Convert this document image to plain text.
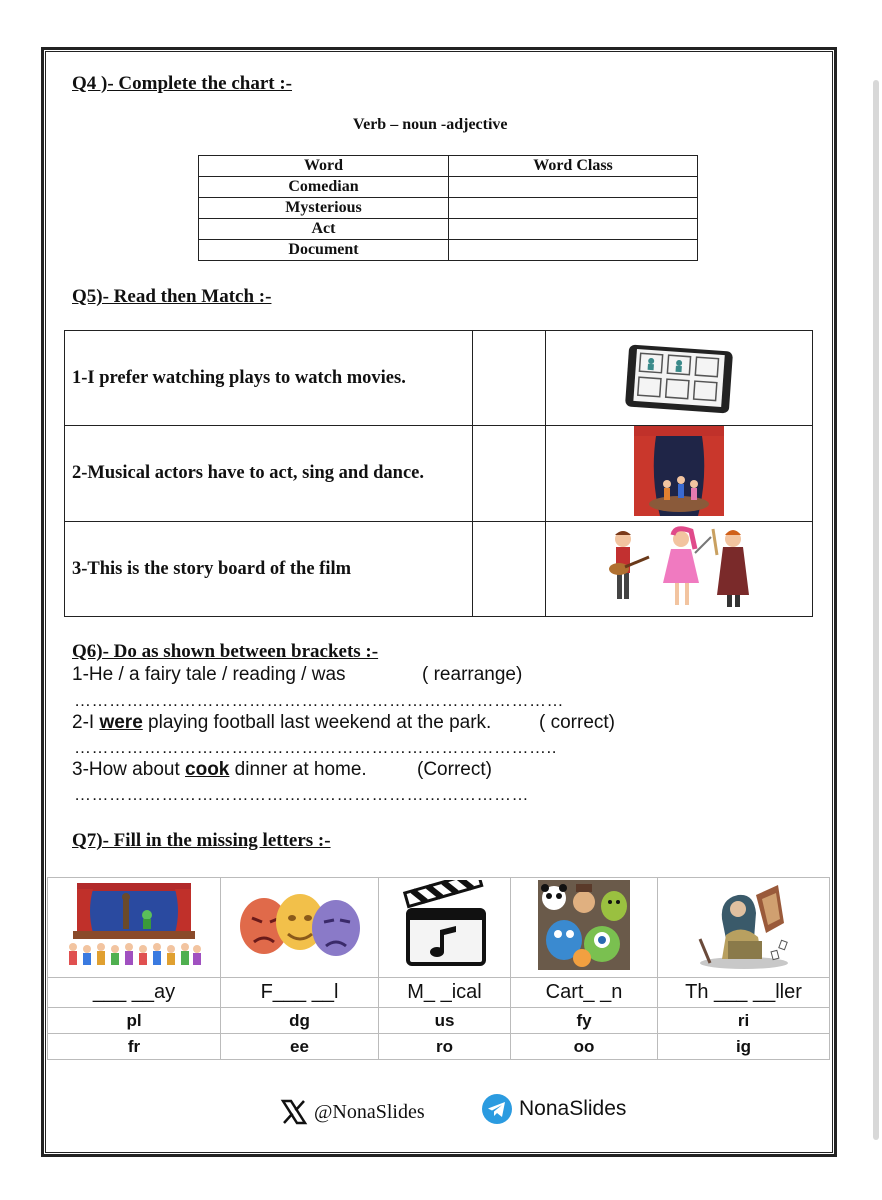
Q4 )- Complete the chart :-
Verb – noun -adjective
Word	Word Class
Comedian	
Mysterious	
Act	
Document	
Q5)- Read then Match :-
1-I prefer watching plays to watch movies.		
2-Musical actors have to act, sing and dance.		
3-This is the story board of the film		
Q6)- Do as shown between brackets :-
1-He / a fairy tale / reading / was	( rearrange)
…………………………………………………………………………
2-I were playing football last weekend at the park.	( correct)
………………………………………………………………………..
3-How about cook dinner at home.	(Correct)
……………………………………………………………………
Q7)- Fill in the missing letters :-

___ __ay	F___ __l	M_ _ical	Cart_ _n	Th ___ __ller
pl	dg	us	fy	ri
fr	ee	ro	oo	ig
@NonaSlides	NonaSlides
